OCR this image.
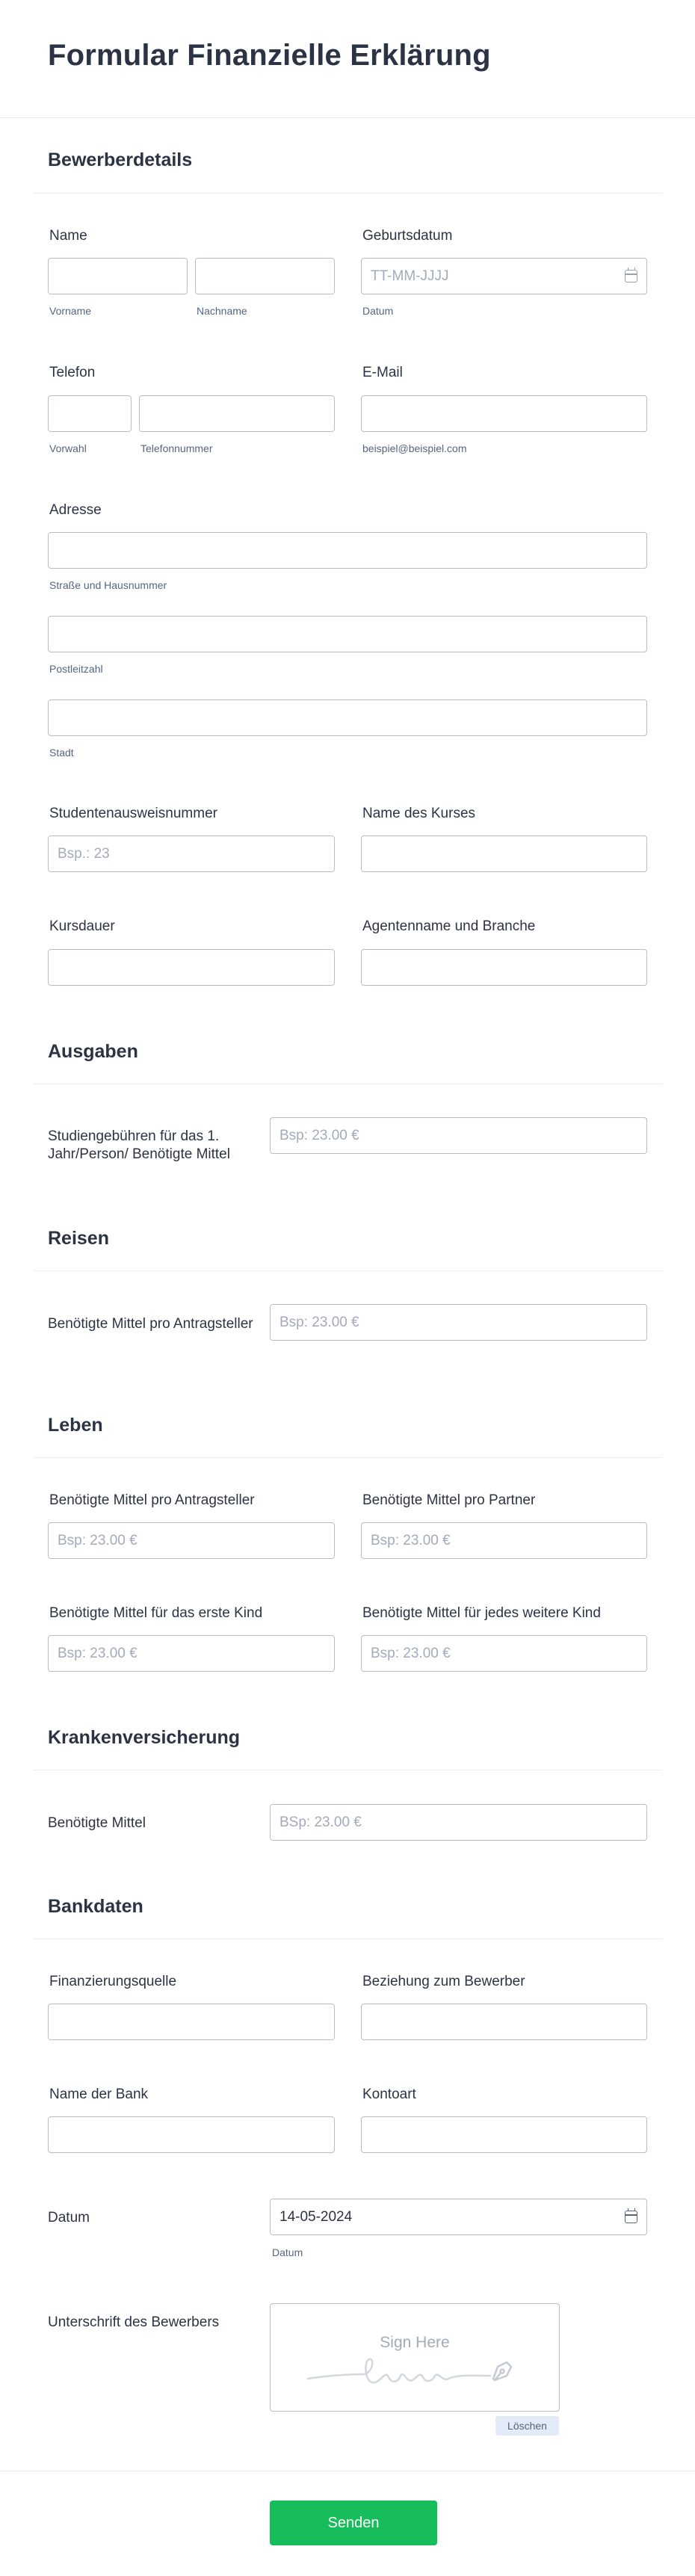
Formular Finanzielle Erklärung
Bewerberdetails
Name
Vorname	Nachname
Geburtsdatum
TT-MM-JJJJ
Datum
Telefon
Vorwahl	Telefonnummer
E-Mail
beispiel@beispiel.com
Adresse
Straße und Hausnummer
Postleitzahl
Stadt
Studentenausweisnummer
Bsp.: 23
Name des Kurses
Kursdauer	Agentenname und Branche
Ausgaben
Studiengebühren für das 1. Jahr/Person/ Benötigte Mittel
Bsp: 23.00 €
Reisen
Benötigte Mittel pro Antragsteller	Bsp: 23.00 €
Leben
Benötigte Mittel pro Antragsteller
Bsp: 23.00 €
Benötigte Mittel pro Partner
Bsp: 23.00 €
Benötigte Mittel für das erste Kind
Bsp: 23.00 €
Benötigte Mittel für jedes weitere Kind
Bsp: 23.00 €
Krankenversicherung
Benötigte Mittel	BSp: 23.00 €
Bankdaten
Finanzierungsquelle	Beziehung zum Bewerber
Name der Bank	Kontoart
Datum	14-05-2024
Datum
Unterschrift des Bewerbers
Sign Here
Löschen
Senden
